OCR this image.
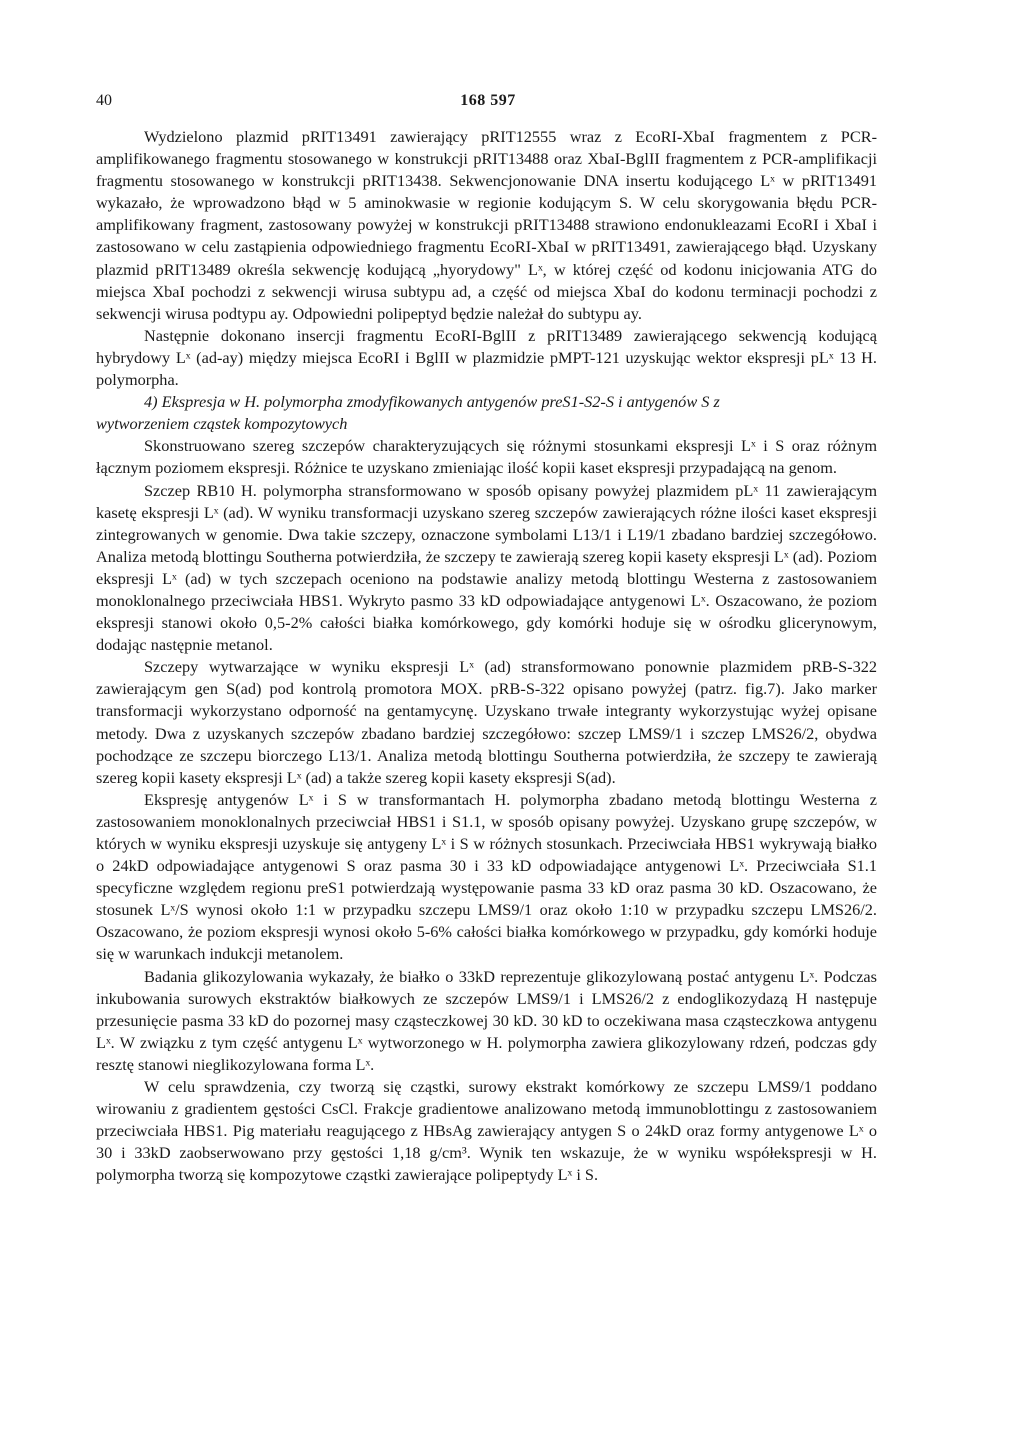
40	168 597

Wydzielono plazmid pRIT13491 zawierający pRIT12555 wraz z EcoRI-XbaI fragmentem z PCR-amplifikowanego fragmentu stosowanego w konstrukcji pRIT13488 oraz XbaI-BglII fragmentem z PCR-amplifikacji fragmentu stosowanego w konstrukcji pRIT13438. Sekwencjonowanie DNA insertu kodującego Lˣ w pRIT13491 wykazało, że wprowadzono błąd w 5 aminokwasie w regionie kodującym S. W celu skorygowania błędu PCR-amplifikowany fragment, zastosowany powyżej w konstrukcji pRIT13488 strawiono endonukleazami EcoRI i XbaI i zastosowano w celu zastąpienia odpowiedniego fragmentu EcoRI-XbaI w pRIT13491, zawierającego błąd. Uzyskany plazmid pRIT13489 określa sekwencję kodującą „hyorydowy" Lˣ, w której część od kodonu inicjowania ATG do miejsca XbaI pochodzi z sekwencji wirusa subtypu ad, a część od miejsca XbaI do kodonu terminacji pochodzi z sekwencji wirusa podtypu ay. Odpowiedni polipeptyd będzie należał do subtypu ay.

Następnie dokonano insercji fragmentu EcoRI-BglII z pRIT13489 zawierającego sekwencją kodującą hybrydowy Lˣ (ad-ay) między miejsca EcoRI i BglII w plazmidzie pMPT-121 uzyskując wektor ekspresji pLˣ 13 H. polymorpha.

4) Ekspresja w H. polymorpha zmodyfikowanych antygenów preS1-S2-S i antygenów S z
wytworzeniem cząstek kompozytowych

Skonstruowano szereg szczepów charakteryzujących się różnymi stosunkami ekspresji Lˣ i S oraz różnym łącznym poziomem ekspresji. Różnice te uzyskano zmieniając ilość kopii kaset ekspresji przypadającą na genom.

Szczep RB10 H. polymorpha stransformowano w sposób opisany powyżej plazmidem pLˣ 11 zawierającym kasetę ekspresji Lˣ (ad). W wyniku transformacji uzyskano szereg szczepów zawierających różne ilości kaset ekspresji zintegrowanych w genomie. Dwa takie szczepy, oznaczone symbolami L13/1 i L19/1 zbadano bardziej szczegółowo. Analiza metodą blottingu Southerna potwierdziła, że szczepy te zawierają szereg kopii kasety ekspresji Lˣ (ad). Poziom ekspresji Lˣ (ad) w tych szczepach oceniono na podstawie analizy metodą blottingu Westerna z zastosowaniem monoklonalnego przeciwciała HBS1. Wykryto pasmo 33 kD odpowiadające antygenowi Lˣ. Oszacowano, że poziom ekspresji stanowi około 0,5-2% całości białka komórkowego, gdy komórki hoduje się w ośrodku glicerynowym, dodając następnie metanol.

Szczepy wytwarzające w wyniku ekspresji Lˣ (ad) stransformowano ponownie plazmidem pRB-S-322 zawierającym gen S(ad) pod kontrolą promotora MOX. pRB-S-322 opisano powyżej (patrz. fig.7). Jako marker transformacji wykorzystano odporność na gentamycynę. Uzyskano trwałe integranty wykorzystując wyżej opisane metody. Dwa z uzyskanych szczepów zbadano bardziej szczegółowo: szczep LMS9/1 i szczep LMS26/2, obydwa pochodzące ze szczepu biorczego L13/1. Analiza metodą blottingu Southerna potwierdziła, że szczepy te zawierają szereg kopii kasety ekspresji Lˣ (ad) a także szereg kopii kasety ekspresji S(ad).

Ekspresję antygenów Lˣ i S w transformantach H. polymorpha zbadano metodą blottingu Westerna z zastosowaniem monoklonalnych przeciwciał HBS1 i S1.1, w sposób opisany powyżej. Uzyskano grupę szczepów, w których w wyniku ekspresji uzyskuje się antygeny Lˣ i S w różnych stosunkach. Przeciwciała HBS1 wykrywają białko o 24kD odpowiadające antygenowi S oraz pasma 30 i 33 kD odpowiadające antygenowi Lˣ. Przeciwciała S1.1 specyficzne względem regionu preS1 potwierdzają występowanie pasma 33 kD oraz pasma 30 kD. Oszacowano, że stosunek Lˣ/S wynosi około 1:1 w przypadku szczepu LMS9/1 oraz około 1:10 w przypadku szczepu LMS26/2. Oszacowano, że poziom ekspresji wynosi około 5-6% całości białka komórkowego w przypadku, gdy komórki hoduje się w warunkach indukcji metanolem.

Badania glikozylowania wykazały, że białko o 33kD reprezentuje glikozylowaną postać antygenu Lˣ. Podczas inkubowania surowych ekstraktów białkowych ze szczepów LMS9/1 i LMS26/2 z endoglikozydazą H następuje przesunięcie pasma 33 kD do pozornej masy cząsteczkowej 30 kD. 30 kD to oczekiwana masa cząsteczkowa antygenu Lˣ. W związku z tym część antygenu Lˣ wytworzonego w H. polymorpha zawiera glikozylowany rdzeń, podczas gdy resztę stanowi nieglikozylowana forma Lˣ.

W celu sprawdzenia, czy tworzą się cząstki, surowy ekstrakt komórkowy ze szczepu LMS9/1 poddano wirowaniu z gradientem gęstości CsCl. Frakcje gradientowe analizowano metodą immunoblottingu z zastosowaniem przeciwciała HBS1. Pig materiału reagującego z HBsAg zawierający antygen S o 24kD oraz formy antygenowe Lˣ o 30 i 33kD zaobserwowano przy gęstości 1,18 g/cm³. Wynik ten wskazuje, że w wyniku współekspresji w H. polymorpha tworzą się kompozytowe cząstki zawierające polipeptydy Lˣ i S.
